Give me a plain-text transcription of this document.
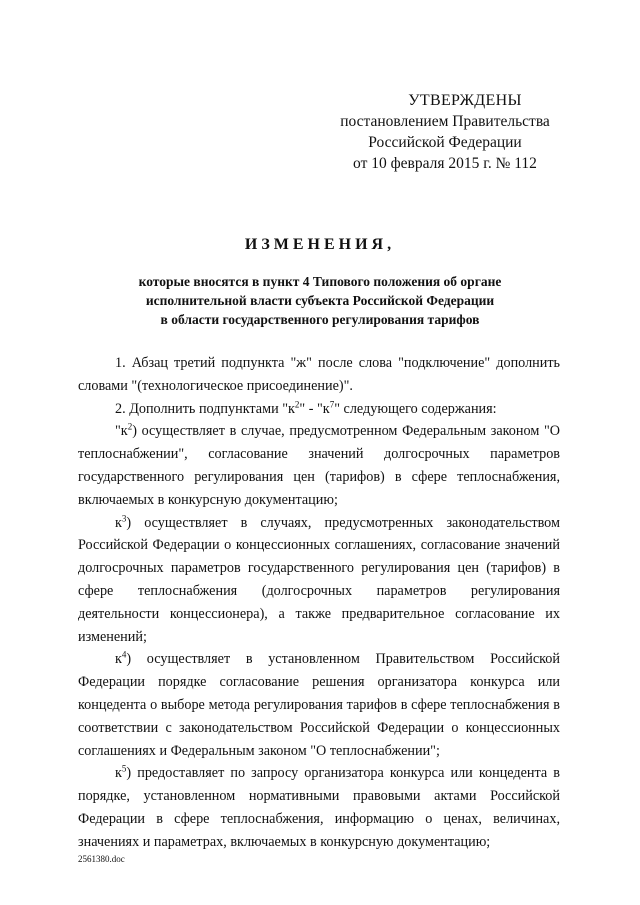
УТВЕРЖДЕНЫ
постановлением Правительства
Российской Федерации
от 10 февраля 2015 г. № 112
ИЗМЕНЕНИЯ,
которые вносятся в пункт 4 Типового положения об органе
исполнительной власти субъекта Российской Федерации
в области государственного регулирования тарифов

1. Абзац третий подпункта "ж" после слова "подключение" дополнить словами "(технологическое присоединение)".

2. Дополнить подпунктами "$к^2$" - "$к^7$" следующего содержания:

"$к^2$) осуществляет в случае, предусмотренном Федеральным законом "О теплоснабжении", согласование значений долгосрочных параметров государственного регулирования цен (тарифов) в сфере теплоснабжения, включаемых в конкурсную документацию;

$к^3$) осуществляет в случаях, предусмотренных законодательством Российской Федерации о концессионных соглашениях, согласование значений долгосрочных параметров государственного регулирования цен (тарифов) в сфере теплоснабжения (долгосрочных параметров регулирования деятельности концессионера), а также предварительное согласование их изменений;

$к^4$) осуществляет в установленном Правительством Российской Федерации порядке согласование решения организатора конкурса или концедента о выборе метода регулирования тарифов в сфере теплоснабжения в соответствии с законодательством Российской Федерации о концессионных соглашениях и Федеральным законом "О теплоснабжении";

$к^5$) предоставляет по запросу организатора конкурса или концедента в порядке, установленном нормативными правовыми актами Российской Федерации в сфере теплоснабжения, информацию о ценах, величинах, значениях и параметрах, включаемых в конкурсную документацию;

2561380.doc
